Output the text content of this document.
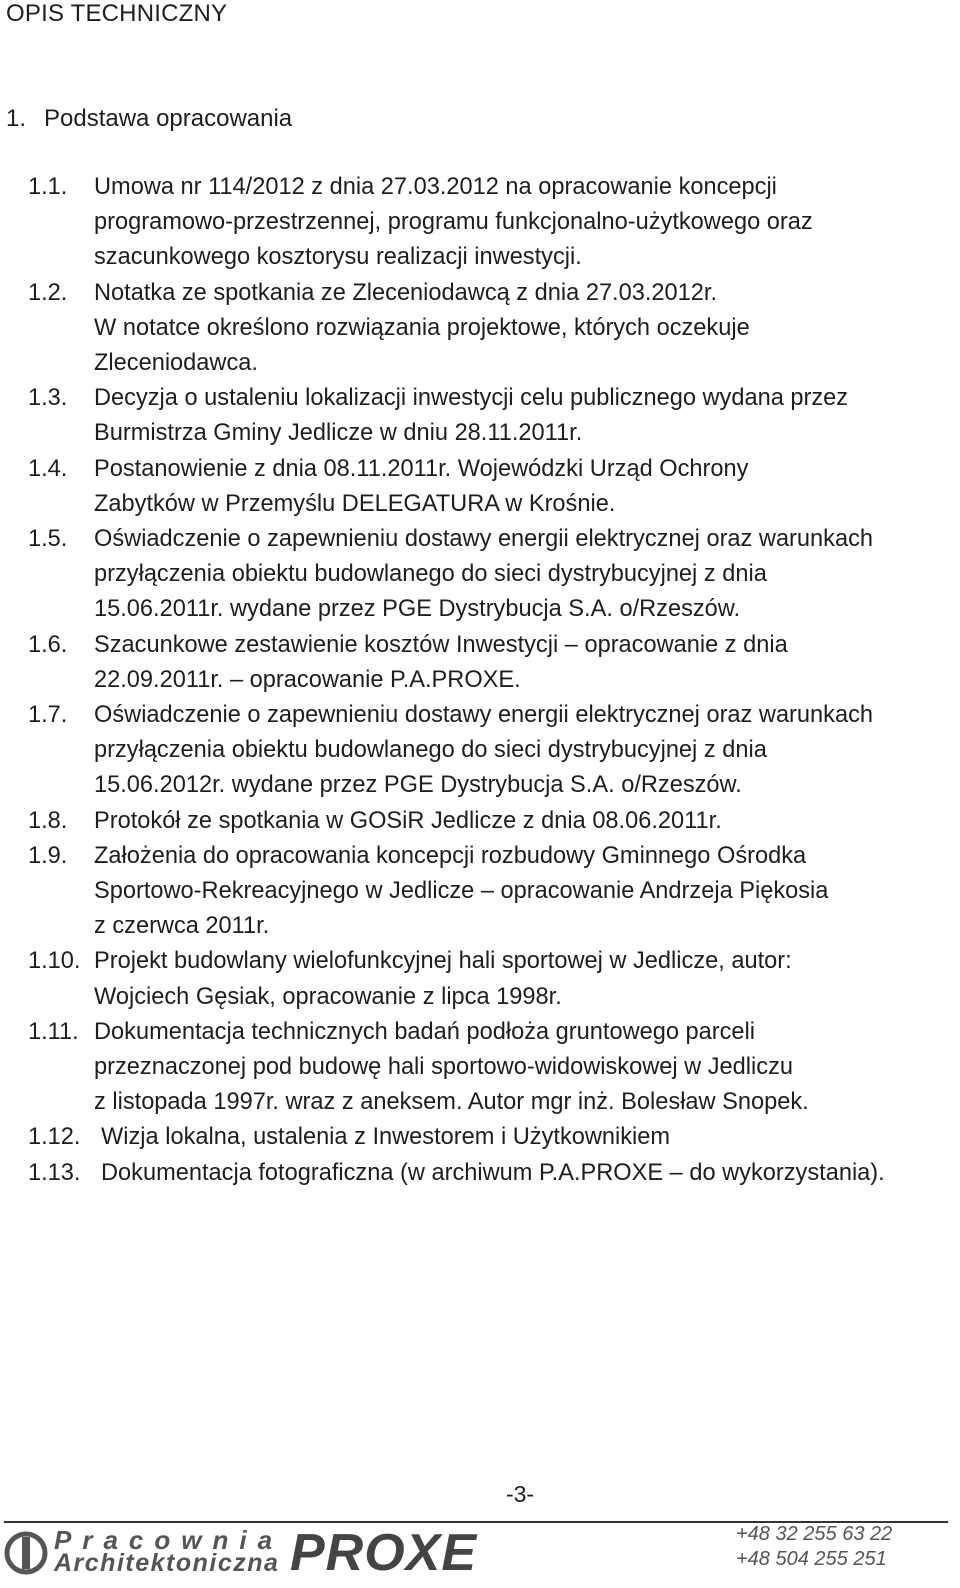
OPIS TECHNICZNY
1. Podstawa opracowania
1.1.	Umowa nr 114/2012 z dnia 27.03.2012 na opracowanie koncepcji
programowo-przestrzennej, programu funkcjonalno-użytkowego oraz
szacunkowego kosztorysu realizacji inwestycji.
1.2.	Notatka ze spotkania ze Zleceniodawcą z dnia 27.03.2012r.
W notatce określono rozwiązania projektowe, których oczekuje
Zleceniodawca.
1.3.	Decyzja o ustaleniu lokalizacji inwestycji celu publicznego wydana przez
Burmistrza Gminy Jedlicze w dniu 28.11.2011r.
1.4.	Postanowienie z dnia 08.11.2011r. Wojewódzki Urząd Ochrony
Zabytków w Przemyślu DELEGATURA w Krośnie.
1.5.	Oświadczenie o zapewnieniu dostawy energii elektrycznej oraz warunkach
przyłączenia obiektu budowlanego do sieci dystrybucyjnej z dnia
15.06.2011r. wydane przez PGE Dystrybucja S.A. o/Rzeszów.
1.6.	Szacunkowe zestawienie kosztów Inwestycji – opracowanie z dnia
22.09.2011r. – opracowanie P.A.PROXE.
1.7.	Oświadczenie o zapewnieniu dostawy energii elektrycznej oraz warunkach
przyłączenia obiektu budowlanego do sieci dystrybucyjnej z dnia
15.06.2012r. wydane przez PGE Dystrybucja S.A. o/Rzeszów.
1.8.	Protokół ze spotkania w GOSiR Jedlicze z dnia 08.06.2011r.
1.9.	Założenia do opracowania koncepcji rozbudowy Gminnego Ośrodka
Sportowo-Rekreacyjnego w Jedlicze – opracowanie Andrzeja Piękosia
z czerwca 2011r.
1.10. Projekt budowlany wielofunkcyjnej hali sportowej w Jedlicze, autor:
Wojciech Gęsiak, opracowanie z lipca 1998r.
1.11. Dokumentacja technicznych badań podłoża gruntowego parceli
przeznaczonej pod budowę hali sportowo-widowiskowej w Jedliczu
z listopada 1997r. wraz z aneksem. Autor mgr inż. Bolesław Snopek.
1.12. Wizja lokalna, ustalenia z Inwestorem i Użytkownikiem
1.13. Dokumentacja fotograficzna (w archiwum P.A.PROXE – do wykorzystania).
-3-
Pracownia
Architektoniczna PROXE	+48 32 255 63 22
+48 504 255 251
